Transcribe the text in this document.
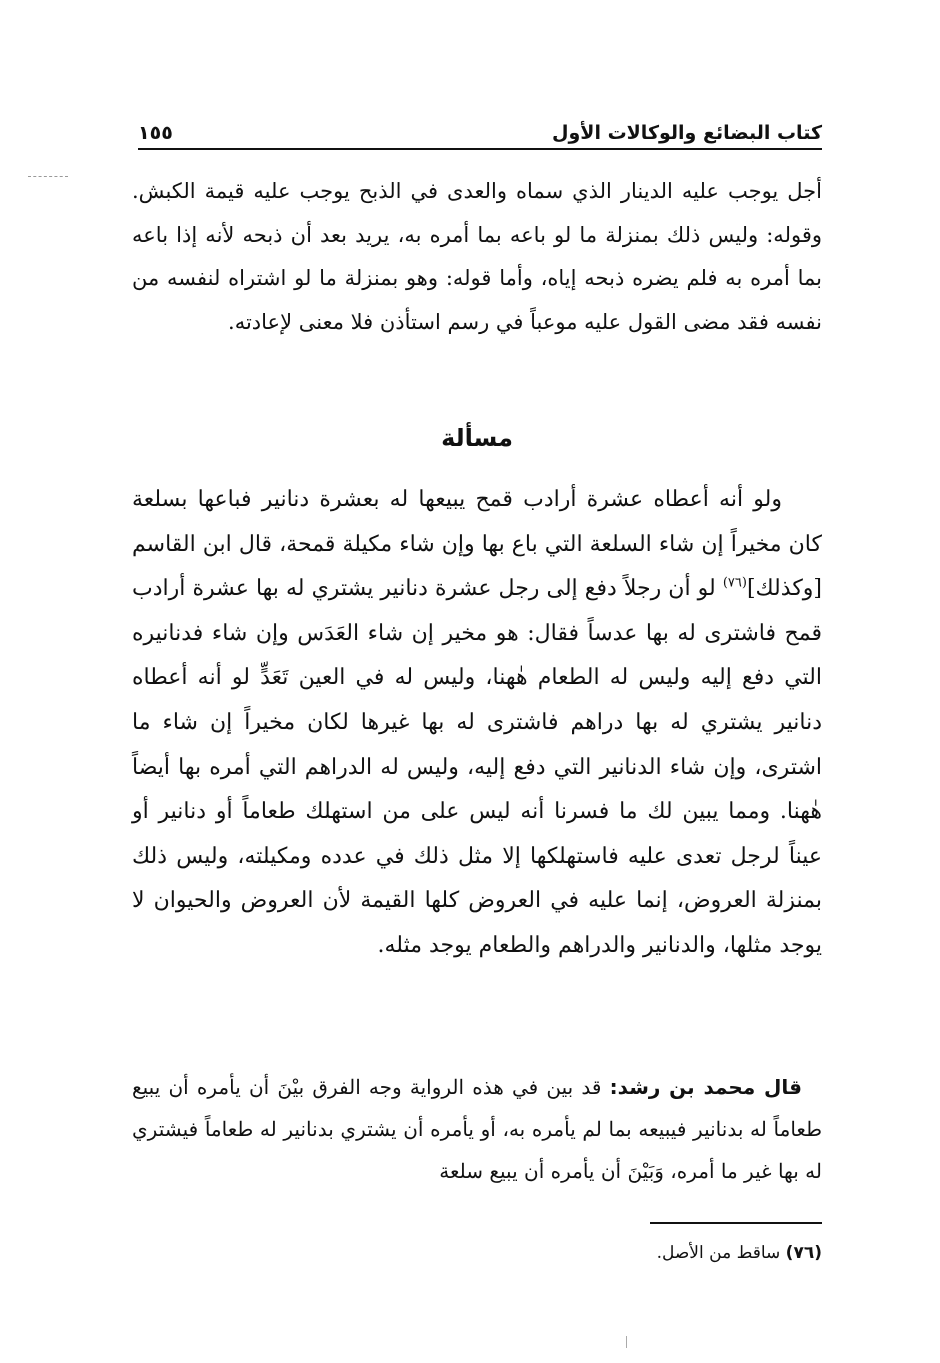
كتاب البضائع والوكالات الأول
١٥٥

أجل يوجب عليه الدينار الذي سماه والعدى في الذبح يوجب عليه قيمة الكبش. وقوله: وليس ذلك بمنزلة ما لو باعه بما أمره به، يريد بعد أن ذبحه لأنه إذا باعه بما أمره به فلم يضره ذبحه إياه، وأما قوله: وهو بمنزلة ما لو اشتراه لنفسه من نفسه فقد مضى القول عليه موعباً في رسم استأذن فلا معنى لإعادته.

مسألة

ولو أنه أعطاه عشرة أرادب قمح يبيعها له بعشرة دنانير فباعها بسلعة كان مخيراً إن شاء السلعة التي باع بها وإن شاء مكيلة قمحة، قال ابن القاسم [وكذلك]$^{(٧٦)}$ لو أن رجلاً دفع إلى رجل عشرة دنانير يشتري له بها عشرة أرادب قمح فاشترى له بها عدساً فقال: هو مخير إن شاء العَدَس وإن شاء فدنانيره التي دفع إليه وليس له الطعام هٰهنا، وليس له في العين تَعَدٍّ لو أنه أعطاه دنانير يشتري له بها دراهم فاشترى له بها غيرها لكان مخيراً إن شاء ما اشترى، وإن شاء الدنانير التي دفع إليه، وليس له الدراهم التي أمره بها أيضاً هٰهنا. ومما يبين لك ما فسرنا أنه ليس على من استهلك طعاماً أو دنانير أو عيناً لرجل تعدى عليه فاستهلكها إلا مثل ذلك في عدده ومكيلته، وليس ذلك بمنزلة العروض، إنما عليه في العروض كلها القيمة لأن العروض والحيوان لا يوجد مثلها، والدنانير والدراهم والطعام يوجد مثله.

قال محمد بن رشد: قد بين في هذه الرواية وجه الفرق بيْنَ أن يأمره أن يبيع طعاماً له بدنانير فيبيعه بما لم يأمره به، أو يأمره أن يشتري بدنانير له طعاماً فيشتري له بها غير ما أمره، وَبَيْنَ أن يأمره أن يبيع سلعة

(٧٦) ساقط من الأصل.
